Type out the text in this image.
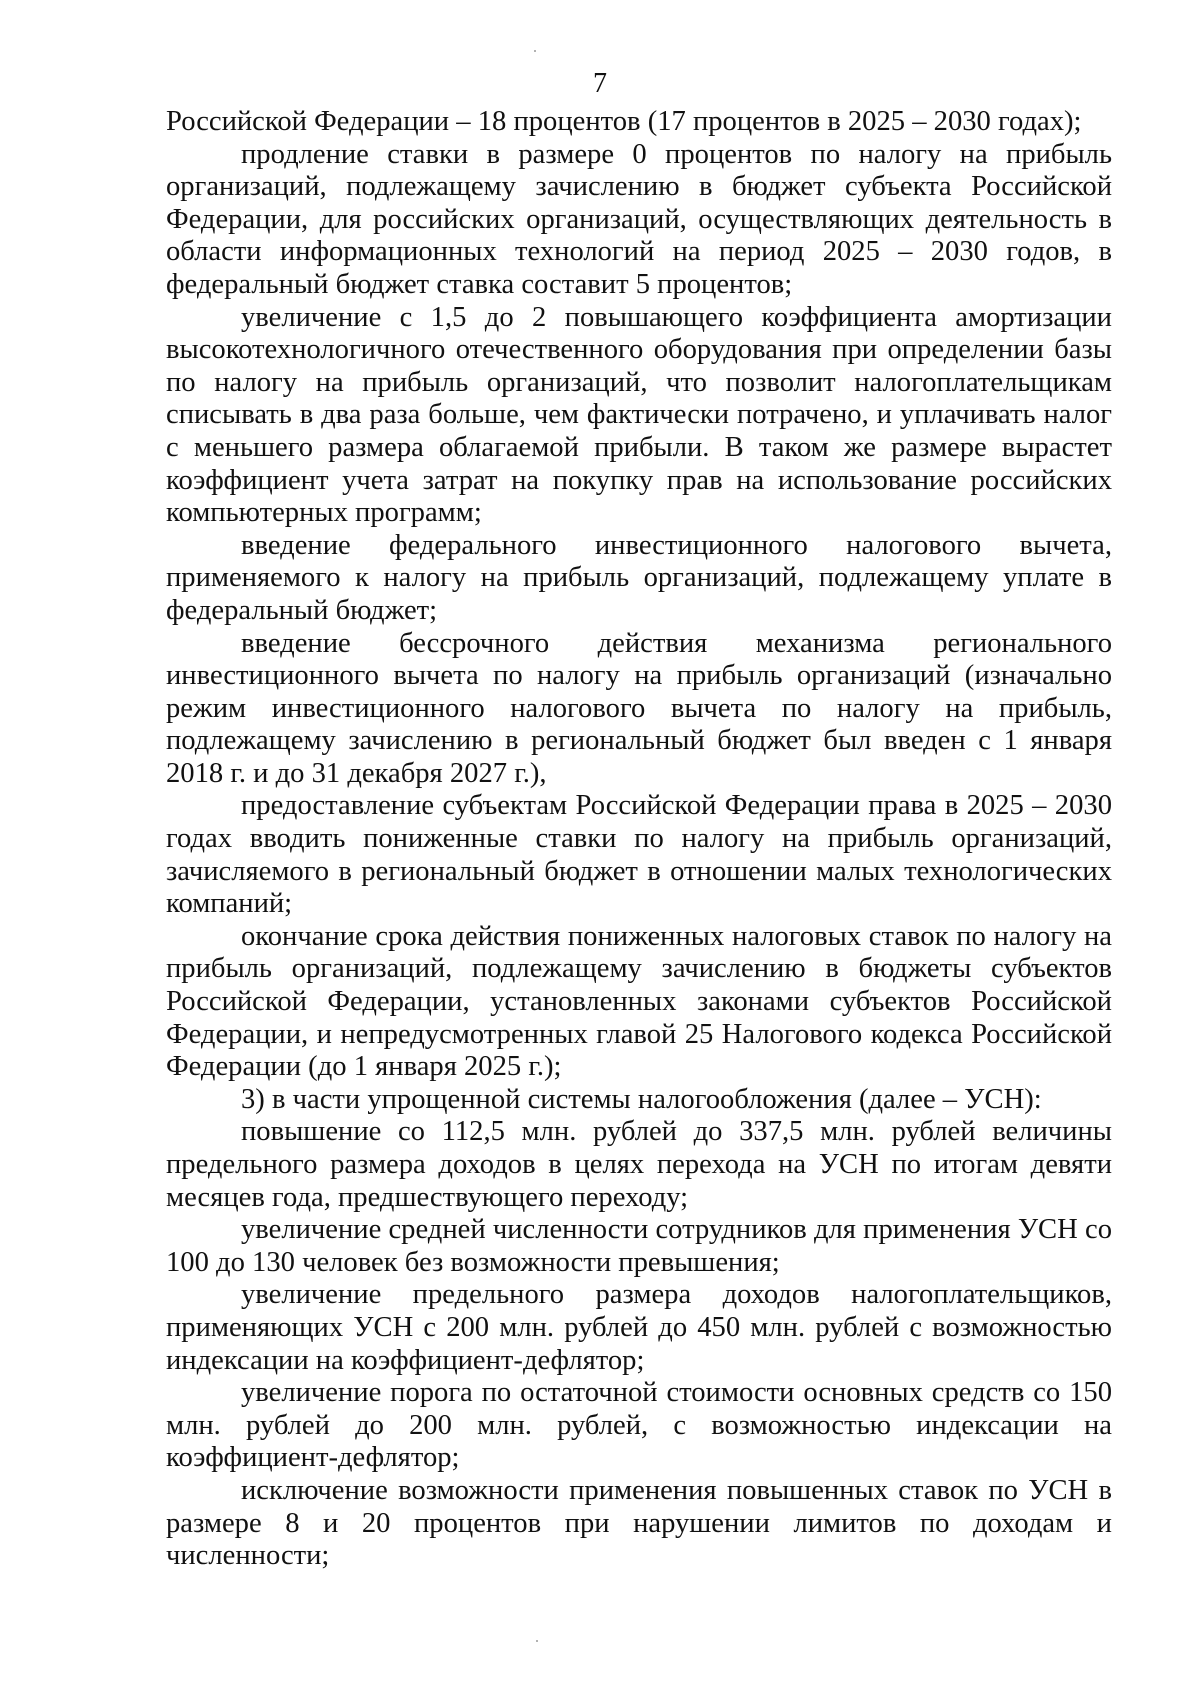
7

Российской Федерации – 18 процентов (17 процентов в 2025 – 2030 годах);

продление ставки в размере 0 процентов по налогу на прибыль организаций, подлежащему зачислению в бюджет субъекта Российской Федерации, для российских организаций, осуществляющих деятельность в области информационных технологий на период 2025 – 2030 годов, в федеральный бюджет ставка составит 5 процентов;

увеличение с 1,5 до 2 повышающего коэффициента амортизации высокотехнологичного отечественного оборудования при определении базы по налогу на прибыль организаций, что позволит налогоплательщикам списывать в два раза больше, чем фактически потрачено, и уплачивать налог с меньшего размера облагаемой прибыли. В таком же размере вырастет коэффициент учета затрат на покупку прав на использование российских компьютерных программ;

введение федерального инвестиционного налогового вычета, применяемого к налогу на прибыль организаций, подлежащему уплате в федеральный бюджет;

введение бессрочного действия механизма регионального инвестиционного вычета по налогу на прибыль организаций (изначально режим инвестиционного налогового вычета по налогу на прибыль, подлежащему зачислению в региональный бюджет был введен с 1 января 2018 г. и до 31 декабря 2027 г.),

предоставление субъектам Российской Федерации права в 2025 – 2030 годах вводить пониженные ставки по налогу на прибыль организаций, зачисляемого в региональный бюджет в отношении малых технологических компаний;

окончание срока действия пониженных налоговых ставок по налогу на прибыль организаций, подлежащему зачислению в бюджеты субъектов Российской Федерации, установленных законами субъектов Российской Федерации, и непредусмотренных главой 25 Налогового кодекса Российской Федерации (до 1 января 2025 г.);

3) в части упрощенной системы налогообложения (далее – УСН):

повышение со 112,5 млн. рублей до 337,5 млн. рублей величины предельного размера доходов в целях перехода на УСН по итогам девяти месяцев года, предшествующего переходу;

увеличение средней численности сотрудников для применения УСН со 100 до 130 человек без возможности превышения;

увеличение предельного размера доходов налогоплательщиков, применяющих УСН с 200 млн. рублей до 450 млн. рублей с возможностью индексации на коэффициент-дефлятор;

увеличение порога по остаточной стоимости основных средств со 150 млн. рублей до 200 млн. рублей, с возможностью индексации на коэффициент-дефлятор;

исключение возможности применения повышенных ставок по УСН в размере 8 и 20 процентов при нарушении лимитов по доходам и численности;
